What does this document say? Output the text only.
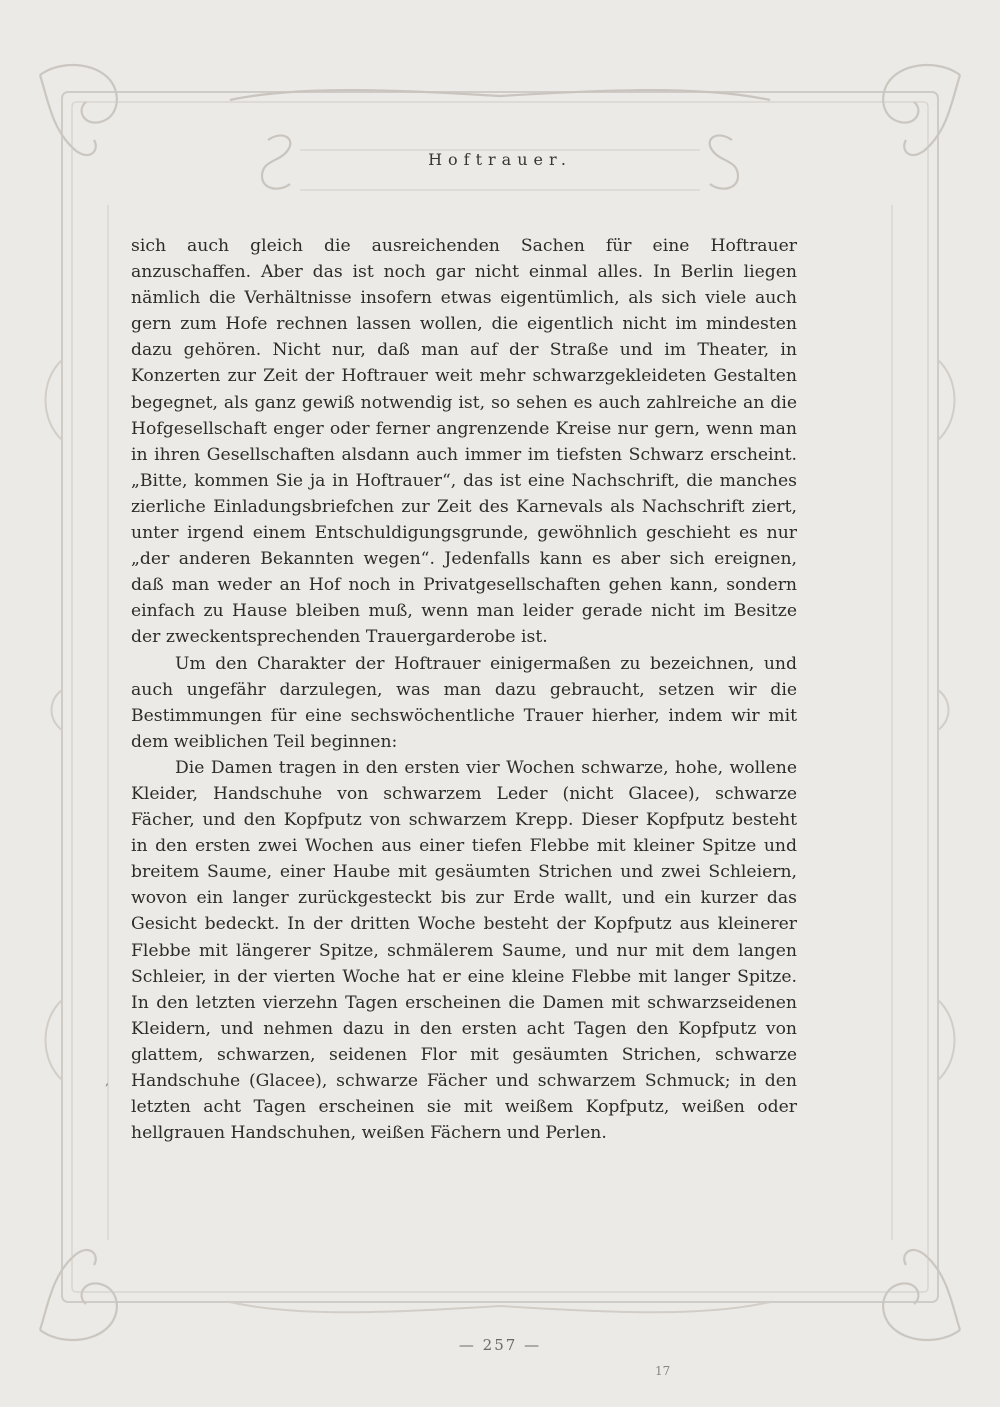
Hoftrauer.

sich auch gleich die ausreichenden Sachen für eine Hoftrauer anzuschaffen. Aber das ist noch gar nicht einmal alles. In Berlin liegen nämlich die Verhältnisse insofern etwas eigentümlich, als sich viele auch gern zum Hofe rechnen lassen wollen, die eigentlich nicht im mindesten dazu gehören. Nicht nur, daß man auf der Straße und im Theater, in Konzerten zur Zeit der Hoftrauer weit mehr schwarzgekleideten Gestalten begegnet, als ganz gewiß notwendig ist, so sehen es auch zahlreiche an die Hofgesellschaft enger oder ferner angrenzende Kreise nur gern, wenn man in ihren Gesellschaften alsdann auch immer im tiefsten Schwarz erscheint. „Bitte, kommen Sie ja in Hoftrauer“, das ist eine Nachschrift, die manches zierliche Einladungsbriefchen zur Zeit des Karnevals als Nachschrift ziert, unter irgend einem Entschuldigungsgrunde, gewöhnlich geschieht es nur „der anderen Bekannten wegen“. Jedenfalls kann es aber sich ereignen, daß man weder an Hof noch in Privatgesellschaften gehen kann, sondern einfach zu Hause bleiben muß, wenn man leider gerade nicht im Besitze der zweckentsprechenden Trauergarderobe ist.

Um den Charakter der Hoftrauer einigermaßen zu bezeichnen, und auch ungefähr darzulegen, was man dazu gebraucht, setzen wir die Bestimmungen für eine sechswöchentliche Trauer hierher, indem wir mit dem weiblichen Teil beginnen:

Die Damen tragen in den ersten vier Wochen schwarze, hohe, wollene Kleider, Handschuhe von schwarzem Leder (nicht Glacee), schwarze Fächer, und den Kopfputz von schwarzem Krepp. Dieser Kopfputz besteht in den ersten zwei Wochen aus einer tiefen Flebbe mit kleiner Spitze und breitem Saume, einer Haube mit gesäumten Strichen und zwei Schleiern, wovon ein langer zurückgesteckt bis zur Erde wallt, und ein kurzer das Gesicht bedeckt. In der dritten Woche besteht der Kopfputz aus kleinerer Flebbe mit längerer Spitze, schmälerem Saume, und nur mit dem langen Schleier, in der vierten Woche hat er eine kleine Flebbe mit langer Spitze. In den letzten vierzehn Tagen erscheinen die Damen mit schwarzseidenen Kleidern, und nehmen dazu in den ersten acht Tagen den Kopfputz von glattem, schwarzen, seidenen Flor mit gesäumten Strichen, schwarze Handschuhe (Glacee), schwarze Fächer und schwarzem Schmuck; in den letzten acht Tagen erscheinen sie mit weißem Kopfputz, weißen oder hellgrauen Handschuhen, weißen Fächern und Perlen.

‚
— 257 —
17
